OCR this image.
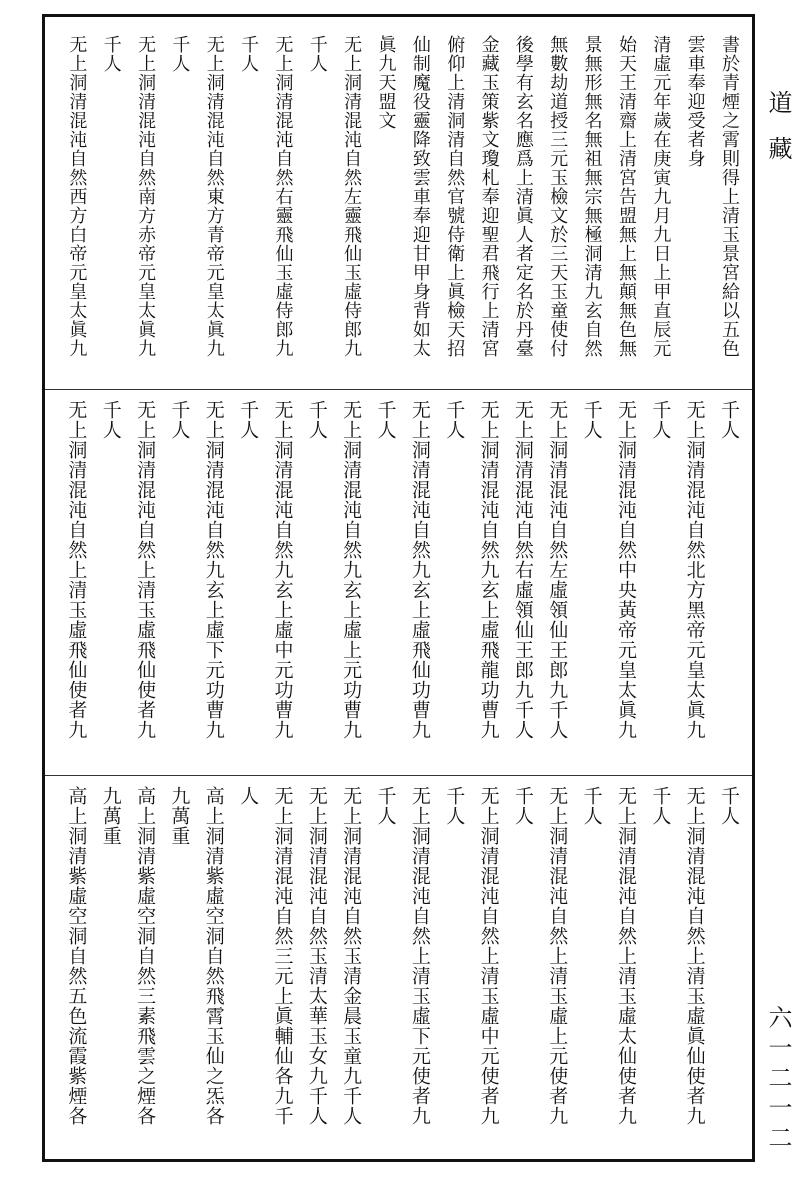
書於青煙之霄則得上清玉景宮給以五色
雲車奉迎受者身
清虛元年歲在庚寅九月九日上甲直辰元
始天王清齋上清宮告盟無上無顛無色無
景無形無名無祖無宗無極洞清九玄自然
無數劫道授三元玉檢文於三天玉童使付
後學有玄名應爲上清眞人者定名於丹臺
金藏玉策紫文瓊札奉迎聖君飛行上清宮
俯仰上清洞清自然官號侍衛上眞檢天招
仙制魔役靈降致雲車奉迎甘甲身背如太
眞九天盟文
无上洞清混沌自然左靈飛仙玉虛侍郎九
千人
无上洞清混沌自然右靈飛仙玉虛侍郎九
千人
无上洞清混沌自然東方青帝元皇太眞九
千人
无上洞清混沌自然南方赤帝元皇太眞九
千人
无上洞清混沌自然西方白帝元皇太眞九
千人
无上洞清混沌自然北方黑帝元皇太眞九
千人
无上洞清混沌自然中央黃帝元皇太眞九
千人
无上洞清混沌自然左虛領仙王郎九千人
无上洞清混沌自然右虛領仙王郎九千人
无上洞清混沌自然九玄上虛飛龍功曹九
千人
无上洞清混沌自然九玄上虛飛仙功曹九
千人
无上洞清混沌自然九玄上虛上元功曹九
千人
无上洞清混沌自然九玄上虛中元功曹九
千人
无上洞清混沌自然九玄上虛下元功曹九
千人
无上洞清混沌自然上清玉虛飛仙使者九
千人
无上洞清混沌自然上清玉虛飛仙使者九
千人
无上洞清混沌自然上清玉虛眞仙使者九
千人
无上洞清混沌自然上清玉虛太仙使者九
千人
无上洞清混沌自然上清玉虛上元使者九
千人
无上洞清混沌自然上清玉虛中元使者九
千人
无上洞清混沌自然上清玉虛下元使者九
千人
无上洞清混沌自然玉清金晨玉童九千人
无上洞清混沌自然玉清太華玉女九千人
无上洞清混沌自然三元上眞輔仙各九千
人
高上洞清紫虛空洞自然飛霄玉仙之炁各
九萬重
高上洞清紫虛空洞自然三素飛雲之煙各
九萬重
高上洞清紫虛空洞自然五色流霞紫煙各
道藏
六一二一二
